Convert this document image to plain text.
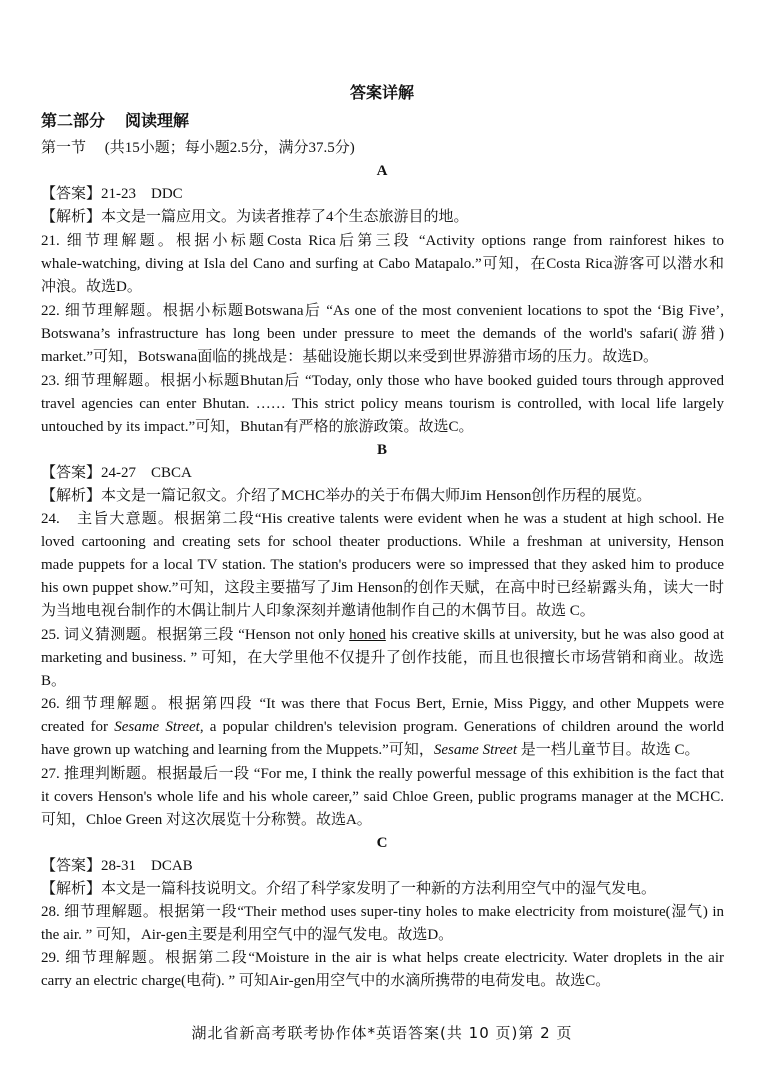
答案详解
第二部分　 阅读理解
第一节　 (共15小题；每小题2.5分，满分37.5分)
A
【答案】21-23　DDC
【解析】本文是一篇应用文。为读者推荐了4个生态旅游目的地。
21. 细节理解题。根据小标题Costa Rica后第三段 “Activity options range from rainforest hikes to
whale-watching, diving at Isla del Cano and surfing at Cabo Matapalo.”可知，在Costa Rica游客可以潜水和
冲浪。故选D。
22. 细节理解题。根据小标题Botswana后 “As one of the most convenient locations to spot the ‘Big Five’,
Botswana’s infrastructure has long been under pressure to meet the demands of the world's safari(游猎)
market.”可知，Botswana面临的挑战是：基础设施长期以来受到世界游猎市场的压力。故选D。
23. 细节理解题。根据小标题Bhutan后 “Today, only those who have booked guided tours through approved
travel agencies can enter Bhutan. …… This strict policy means tourism is controlled, with local life largely
untouched by its impact.”可知，Bhutan有严格的旅游政策。故选C。
B
【答案】24-27　CBCA
【解析】本文是一篇记叙文。介绍了MCHC举办的关于布偶大师Jim Henson创作历程的展览。
24.　主旨大意题。根据第二段“His creative talents were evident when he was a student at high school. He
loved cartooning and creating sets for school theater productions. While a freshman at university, Henson
made puppets for a local TV station. The station's producers were so impressed that they asked him to produce
his own puppet show.”可知，这段主要描写了Jim Henson的创作天赋，在高中时已经崭露头角，读大一时
为当地电视台制作的木偶让制片人印象深刻并邀请他制作自己的木偶节目。故选 C。
25. 词义猜测题。根据第三段 “Henson not only honed his creative skills at university, but he was also good at
marketing and business. ” 可知，在大学里他不仅提升了创作技能，而且也很擅长市场营销和商业。故选
B。
26. 细节理解题。根据第四段 “It was there that Focus Bert, Ernie, Miss Piggy, and other Muppets were
created for Sesame Street, a popular children's television program. Generations of children around the world
have grown up watching and learning from the Muppets.”可知，Sesame Street 是一档儿童节目。故选 C。
27. 推理判断题。根据最后一段 “For me, I think the really powerful message of this exhibition is the fact that
it covers Henson's whole life and his whole career,” said Chloe Green, public programs manager at the MCHC.
可知，Chloe Green 对这次展览十分称赞。故选A。
C
【答案】28-31　DCAB
【解析】本文是一篇科技说明文。介绍了科学家发明了一种新的方法利用空气中的湿气发电。
28. 细节理解题。根据第一段“Their method uses super-tiny holes to make electricity from moisture(湿气) in
the air. ” 可知，Air-gen主要是利用空气中的湿气发电。故选D。
29. 细节理解题。根据第二段“Moisture in the air is what helps create electricity. Water droplets in the air
carry an electric charge(电荷). ” 可知Air-gen用空气中的水滴所携带的电荷发电。故选C。
湖北省新高考联考协作体*英语答案(共 10 页)第 2 页
